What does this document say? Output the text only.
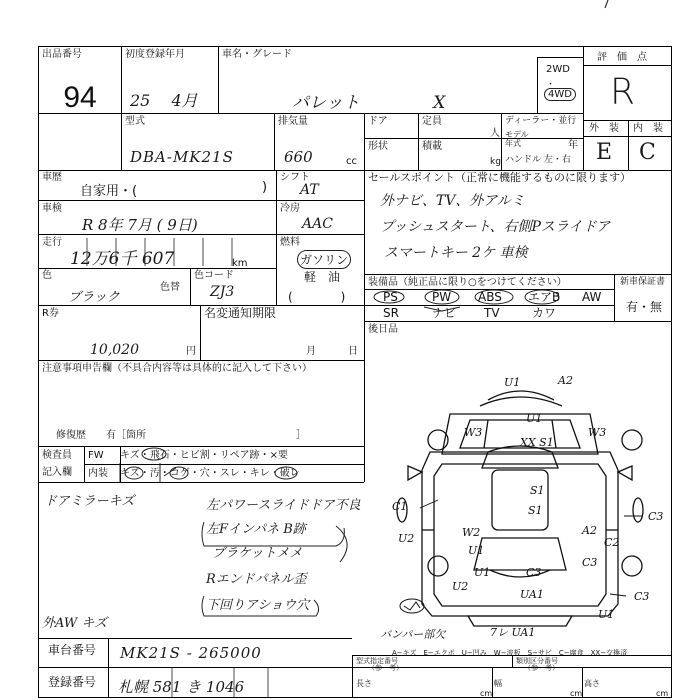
出品番号
94
初度登録年月
25 　4月
車名・グレード
パレット 　　　　X
2WD
・
4WD
評　価　点
R
型式
DBA-MK21S
排気量
660	cc
ドア	定員
人
ディーラー・並行
モデル年式	年
形状	積載
kg ハンドル 左・右
外　装 内　装
E C
車歴
自家用・(	)
車検
R 8年 7月 ( 9日)
走行
12万6千 607	km
色
ブラック
色替
色コード
ZJ3
シフト
AT
冷房
AAC
燃料
ガソリン
軽　油
(　　　　)
セールスポイント（正常に機能するものに限ります）
外ナビ、TV、外アルミ
プッシュスタート、右側Pスライドア
スマートキー 2ケ 車検
装備品（純正品に限り○をつけてください）
PS	PW ABS エアB AW
SR	ナビ TV	カワ
新車保証書
有・無
R券
10,020	円
名変通知期限
月	日
後日品
注意事項申告欄（不具合内容等は具体的に記入して下さい）
修復歴　　有［箇所　　　　　　　　　　　　　　　］
検査員
記入欄
FW キズ・飛石・ヒビ割・リペア跡・×要
内装 キズ・汚・コゲ・穴・スレ・キレ・破レ
ドアミラーキズ	左パワースライドドア不良
左Fインパネ B跡
ブラケットメメ
Rエンドパネル歪
下回りアショウ穴
外AW キズ
U1	A2
W3	W3
U1
XX S1
S1
S1
C1
W2
U1
A2
C2
C3
U2
U1
U2
C3
UA1	C3
U1
C3
バンパー部欠	7レ UA1
A−キズ　E−エクボ　U−凹み　W−波板　S−サビ　C−腐食　XX−交換済
車台番号 MK21S - 265000
登録番号 札幌 581 き 1046
型式指定番号
（参　考）
類別区分番号
（参　考）
長さ
cm
幅
cm
高さ
cm
